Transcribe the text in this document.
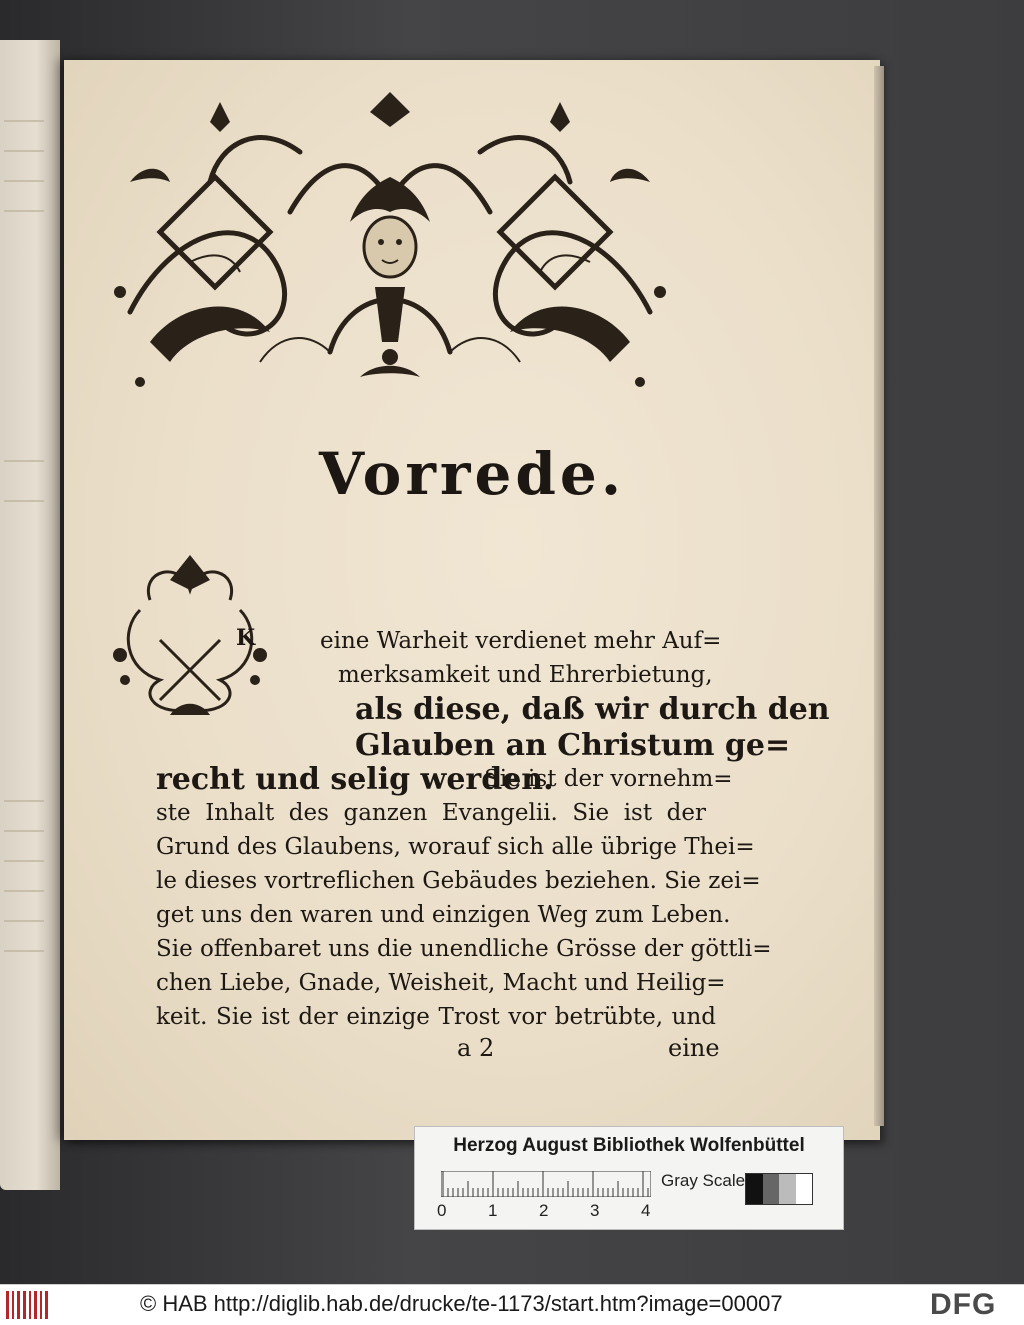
Vorrede.
K	eine Warheit verdienet mehr Auf=
merksamkeit und Ehrerbietung,
als diese, daß wir durch den
Glauben an Christum ge=
recht und selig werden.
Sie ist der vornehm=
ste Inhalt des ganzen Evangelii. Sie ist der
Grund des Glaubens, worauf sich alle übrige Thei=
le dieses vortreflichen Gebäudes beziehen. Sie zei=
get uns den waren und einzigen Weg zum Leben.
Sie offenbaret uns die unendliche Grösse der göttli=
chen Liebe, Gnade, Weisheit, Macht und Heilig=
keit. Sie ist der einzige Trost vor betrübte, und
a 2	eine
Herzog August Bibliothek Wolfenbüttel
0 1 2 3 4
Gray Scale
© HAB http://diglib.hab.de/drucke/te-1173/start.htm?image=00007	DFG
